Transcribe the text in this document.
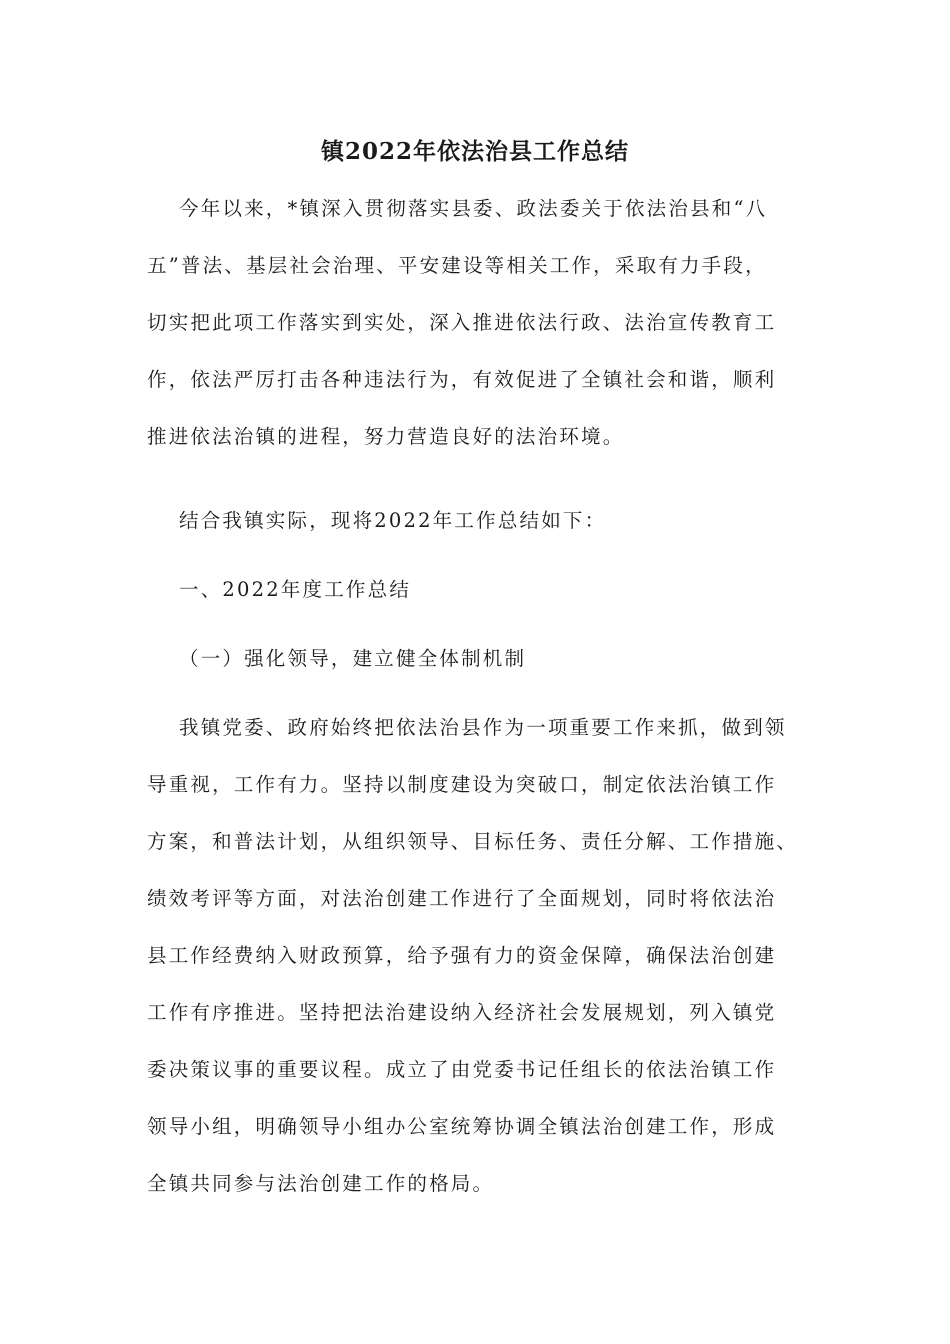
镇2022年依法治县工作总结
今年以来，*镇深入贯彻落实县委、政法委关于依法治县和“八
五”普法、基层社会治理、平安建设等相关工作，采取有力手段，
切实把此项工作落实到实处，深入推进依法行政、法治宣传教育工
作，依法严厉打击各种违法行为，有效促进了全镇社会和谐，顺利
推进依法治镇的进程，努力营造良好的法治环境。
结合我镇实际，现将2022年工作总结如下：
一、2022年度工作总结
（一）强化领导，建立健全体制机制
我镇党委、政府始终把依法治县作为一项重要工作来抓，做到领
导重视，工作有力。坚持以制度建设为突破口，制定依法治镇工作
方案，和普法计划，从组织领导、目标任务、责任分解、工作措施、
绩效考评等方面，对法治创建工作进行了全面规划，同时将依法治
县工作经费纳入财政预算，给予强有力的资金保障，确保法治创建
工作有序推进。坚持把法治建设纳入经济社会发展规划，列入镇党
委决策议事的重要议程。成立了由党委书记任组长的依法治镇工作
领导小组，明确领导小组办公室统筹协调全镇法治创建工作，形成
全镇共同参与法治创建工作的格局。
